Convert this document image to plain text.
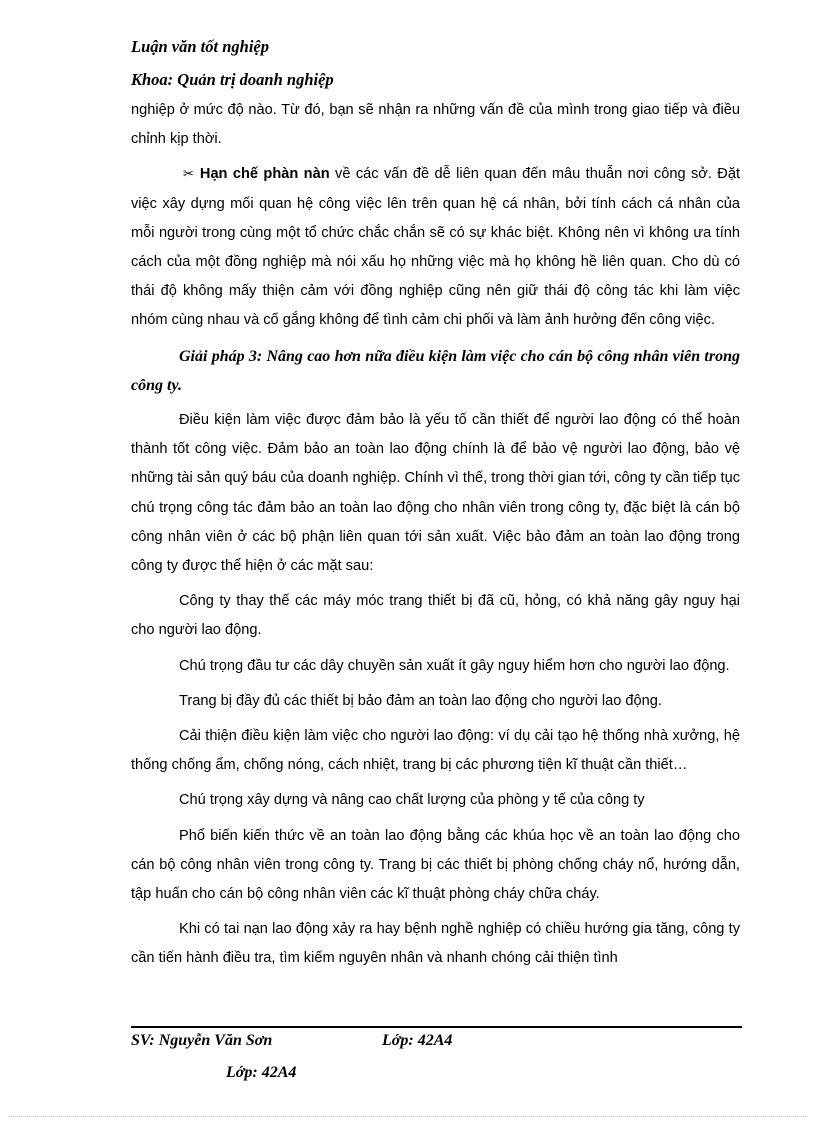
Luận văn tốt nghiệp
Khoa: Quản trị doanh nghiệp

nghiệp ở mức độ nào. Từ đó, bạn sẽ nhận ra những vấn đề của mình trong giao tiếp và điều chỉnh kịp thời.

✂ Hạn chế phàn nàn về các vấn đề dễ liên quan đến mâu thuẫn nơi công sở. Đặt việc xây dựng mối quan hệ công việc lên trên quan hệ cá nhân, bởi tính cách cá nhân của mỗi người trong cùng một tổ chức chắc chắn sẽ có sự khác biệt. Không nên vì không ưa tính cách của một đồng nghiệp mà nói xấu họ những việc mà họ không hề liên quan. Cho dù có thái độ không mấy thiện cảm với đồng nghiệp cũng nên giữ thái độ công tác khi làm việc nhóm cùng nhau và cố gắng không để tình cảm chi phối và làm ảnh hưởng đến công việc.

Giải pháp 3: Nâng cao hơn nữa điều kiện làm việc cho cán bộ công nhân viên trong công ty.

Điều kiện làm việc được đảm bảo là yếu tố cần thiết để người lao động có thể hoàn thành tốt công việc. Đảm bảo an toàn lao động chính là để bảo vệ người lao động, bảo vệ những tài sản quý báu của doanh nghiệp. Chính vì thế, trong thời gian tới, công ty cần tiếp tục chú trọng công tác đảm bảo an toàn lao động cho nhân viên trong công ty, đặc biệt là cán bộ công nhân viên ở các bộ phận liên quan tới sản xuất. Việc bảo đảm an toàn lao động trong công ty được thể hiện ở các mặt sau:

Công ty thay thế các máy móc trang thiết bị đã cũ, hỏng, có khả năng gây nguy hại cho người lao động.

Chú trọng đầu tư các dây chuyền sản xuất ít gây nguy hiểm hơn cho người lao động.

Trang bị đầy đủ các thiết bị bảo đảm an toàn lao động cho người lao động.

Cải thiện điều kiện làm việc cho người lao động: ví dụ cải tạo hệ thống nhà xưởng, hệ thống chống ẩm, chống nóng, cách nhiệt, trang bị các phương tiện kĩ thuật cần thiết…

Chú trọng xây dựng và nâng cao chất lượng của phòng y tế của công ty

Phổ biến kiến thức về an toàn lao động bằng các khúa học về an toàn lao động cho cán bộ công nhân viên trong công ty. Trang bị các thiết bị phòng chống cháy nổ, hướng dẫn, tập huấn cho cán bộ công nhân viên các kĩ thuật phòng cháy chữa cháy.

Khi có tai nạn lao động xảy ra hay bệnh nghề nghiệp có chiều hướng gia tăng, công ty cần tiến hành điều tra, tìm kiếm nguyên nhân và nhanh chóng cải thiện tình

SV: Nguyễn Văn Sơn	Lớp: 42A4
Lớp: 42A4
